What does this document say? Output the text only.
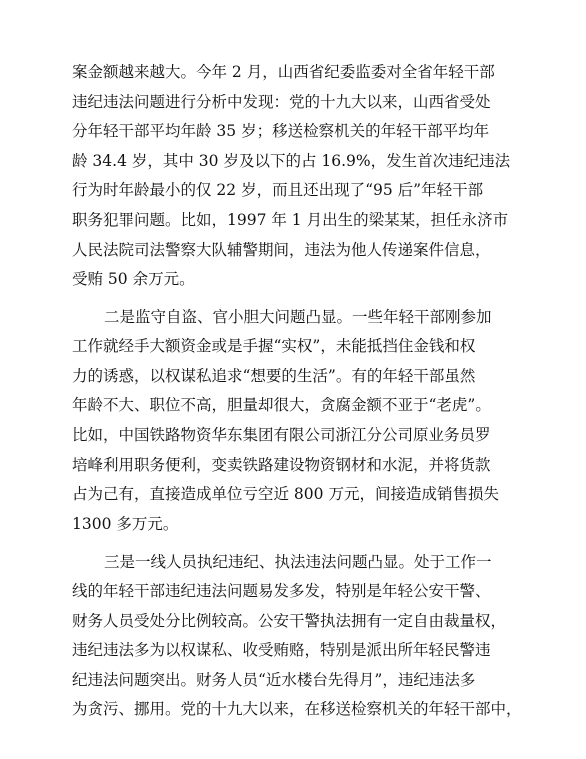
案金额越来越大。今年 2 月，山西省纪委监委对全省年轻干部
违纪违法问题进行分析中发现：党的十九大以来，山西省受处
分年轻干部平均年龄 35 岁；移送检察机关的年轻干部平均年
龄 34.4 岁，其中 30 岁及以下的占 16.9%，发生首次违纪违法
行为时年龄最小的仅 22 岁，而且还出现了“95 后”年轻干部
职务犯罪问题。比如，1997 年 1 月出生的梁某某，担任永济市
人民法院司法警察大队辅警期间，违法为他人传递案件信息，
受贿 50 余万元。
二是监守自盗、官小胆大问题凸显。一些年轻干部刚参加
工作就经手大额资金或是手握“实权”，未能抵挡住金钱和权
力的诱惑，以权谋私追求“想要的生活”。有的年轻干部虽然
年龄不大、职位不高，胆量却很大，贪腐金额不亚于“老虎”。
比如，中国铁路物资华东集团有限公司浙江分公司原业务员罗
培峰利用职务便利，变卖铁路建设物资钢材和水泥，并将货款
占为己有，直接造成单位亏空近 800 万元，间接造成销售损失
1300 多万元。
三是一线人员执纪违纪、执法违法问题凸显。处于工作一
线的年轻干部违纪违法问题易发多发，特别是年轻公安干警、
财务人员受处分比例较高。公安干警执法拥有一定自由裁量权，
违纪违法多为以权谋私、收受贿赂，特别是派出所年轻民警违
纪违法问题突出。财务人员“近水楼台先得月”，违纪违法多
为贪污、挪用。党的十九大以来，在移送检察机关的年轻干部中，
